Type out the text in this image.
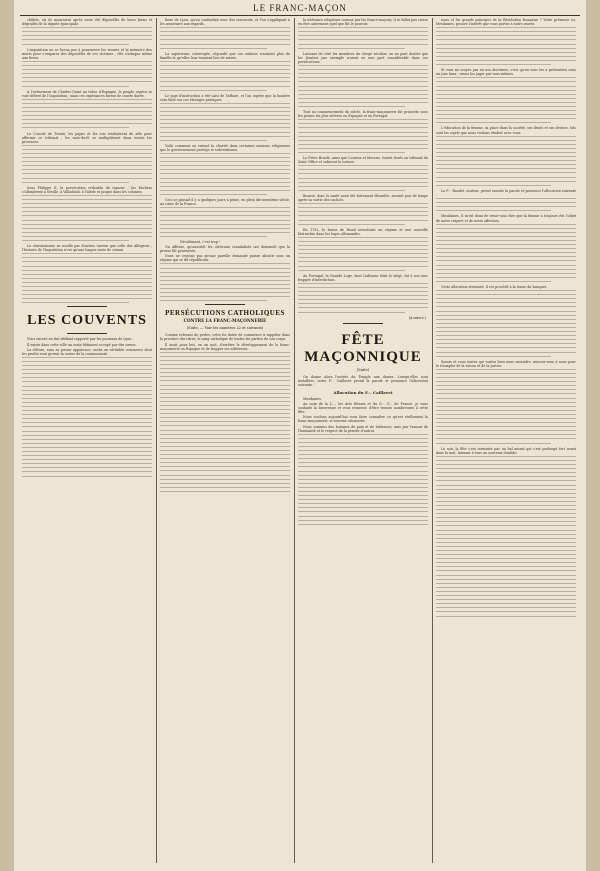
LE FRANC-MAÇON

châtiés, où ils mouraient après avoir été dépouillés de leurs biens et dégradés de la dignité épiscopale.

L'inquisition ne se borna pas à poursuivre les vivants et la mémoire des morts pour s'emparer des dépouilles de ces victimes ; elle s'attaqua même aux livres.

A l'avènement de Charles-Quint au trône d'Espagne, le peuple espéra se voir délivré de l'Inquisition ; mais ces espérances furent de courte durée.

Le Concile de Trente, les papes et les rois rivalisèrent de zèle pour affermir ce tribunal ; les auto-da-fé se multiplièrent dans toutes les provinces.

Sous Philippe II, la persécution redoubla de rigueur ; les bûchers s'allumèrent à Séville, à Valladolid, à Tolède et jusque dans les colonies.

Le christianisme se souille par d'autres tueries que celle des Albigeois ; l'histoire de l'Inquisition n'est qu'une longue suite de crimes.

LES COUVENTS

Voici encore un fait édifiant rapporté par les journaux de Lyon :

Il existe dans cette ville un vaste bâtiment occupé par des sœurs.

La clôture, sous sa pieuse apparence, cache un véritable commerce dont les profits vont grossir la caisse de la communauté.

lieue de Lyon, qu'on confondait avec des innocents, et l'on s'appliquait à les soustraire aux regards.

La supérieure, interrogée, répondit que ces enfants n'avaient plus de famille et qu'elles leur tenaient lieu de mères.

Le juge d'instruction a été saisi de l'affaire, et l'on espère que la lumière sera faite sur ces étranges pratiques.

Voilà comment on entend la charité dans certaines maisons religieuses que le gouvernement protège et subventionne.

Ceci se passait il y a quelques jours à peine, en plein dix-neuvième siècle, au cœur de la France.

Décidément, c'est trop !

On affirme, qu'aussitôt les cléricaux scandalisés ont demandé que la presse fût poursuivie.

Nous ne croyons pas qu'une pareille demande puisse aboutir sous un régime qui se dit républicain.

PERSÉCUTIONS CATHOLIQUES
CONTRE LA FRANC-MAÇONNERIE
(Suite, — Voir les numéros 22 et suivants)

Comme relevant de perles, cette foi datée de commence à rappeler dans la province des titres, le sang catholique de toutes les parties de son corps.

Il avait pour but, en un mot, d'arrêter le développement de la franc-maçonnerie en Espagne et de frapper ses adhérents.

la tolérance religieuse connue par les francs-maçons, il se fallut pas croire en être autrement quel que fût le pouvoir.

Laissant de côté les membres du clergé séculier, on ne peut douter que les jésuites par exemple n'aient eu une part considérable dans ces persécutions.

Tout au commencement du siècle, la franc-maçonnerie fut proscrite sous les peines les plus sévères en Espagne et en Portugal.

Le Frère Bruslé, ainsi que Coustos et Moreno, furent livrés au tribunal du Saint-Office et subirent la torture.

Brunsé, dont la santé avait été fortement ébranlée, mourut peu de temps après sa sortie des cachots.

En 1792, le baron de Hund introduisit un régime et une nouvelle hiérarchie dans les loges allemandes.

Au Portugal, la Grande Loge, dont Lisbonne était le siège, fut à son tour frappée d'interdiction.

(A suivre.)
FÊTE MAÇONNIQUE
(Suite)

On donne alors l'entrée du Temple aux dames. Lorsqu'elles sont installées, notre F.·. Caillavet prend la parole et prononce l'allocution suivante :

Allocution du F.·. Caillavet

Mesdames,

Au nom de la L.·., les Arts Réunis et du G.·. O.·. de France, je vous souhaite la bienvenue et vous remercie d'être venues nombreuses à cette fête.

Nous voulons aujourd'hui vous faire connaître ce qu'est réellement la franc-maçonnerie, si souvent calomniée.

Nous sommes des hommes de paix et de tolérance, unis par l'amour de l'humanité et le respect de la pensée d'autrui.

nous et les grands principes de la Révolution française ? Votre présence ici, Mesdames, prouve l'intérêt que vous portez à notre œuvre.

Si vous ne croyez pas en nos doctrines, c'est qu'on vous les a présentées sous un jour faux ; venez les juger par vous-mêmes.

L'éducation de la femme, sa place dans la société, ses droits et ses devoirs, tels sont les sujets que nous voulons étudier avec vous.

Le F.·. Baudet, orateur, prend ensuite la parole et prononce l'allocution suivante :

Mesdames, il m'est doux de venir vous dire que la femme a toujours été l'objet de notre respect et de notre affection.

Cette allocution terminée, il est procédé à la tenue du banquet.

Sœurs et vous toutes qui voulez bien nous entendre, unissez-vous à nous pour le triomphe de la raison et de la justice.

Le soir, la fête s'est terminée par un bal animé qui s'est prolongé fort avant dans la nuit, laissant à tous un souvenir durable.
